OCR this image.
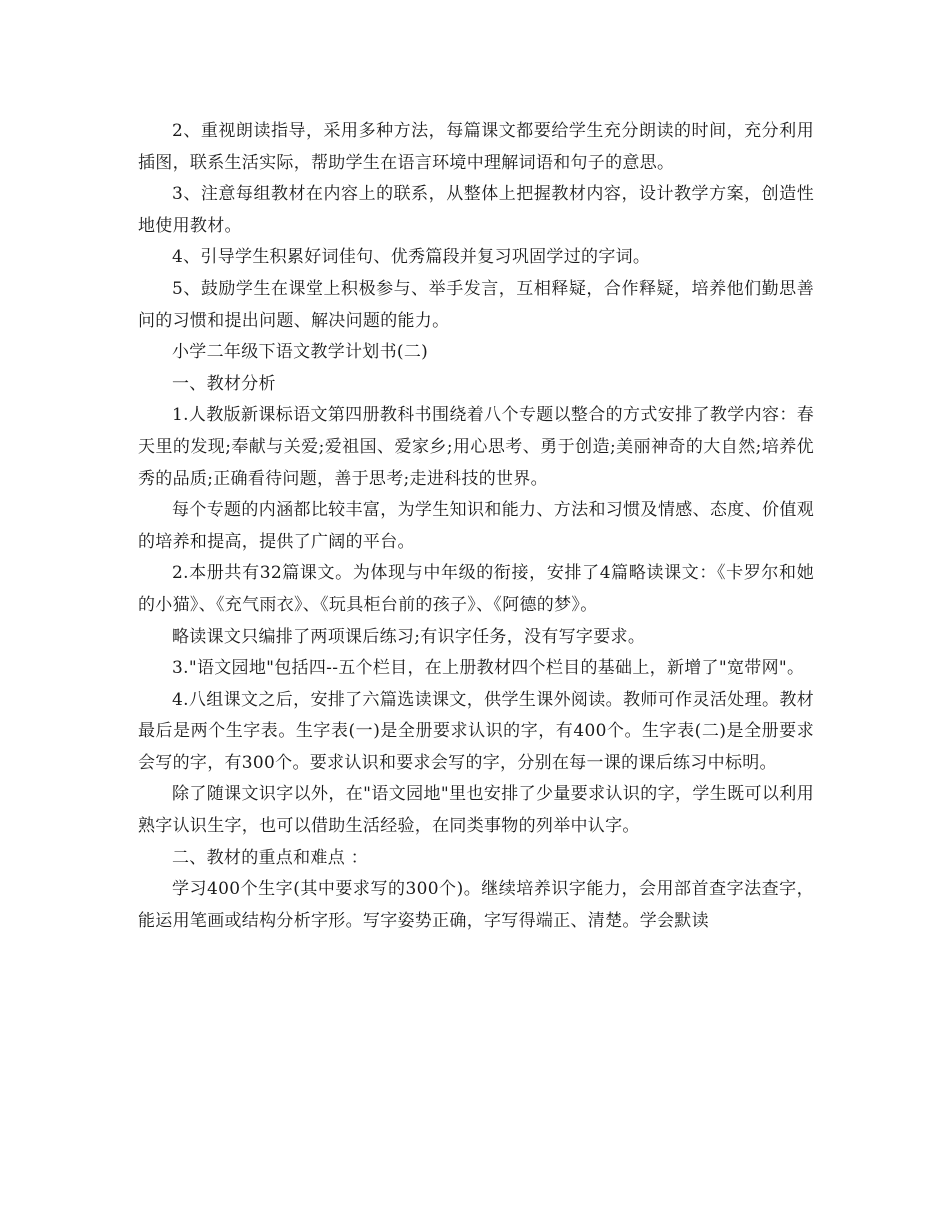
2、重视朗读指导，采用多种方法，每篇课文都要给学生充分朗读的时间，充分利用插图，联系生活实际，帮助学生在语言环境中理解词语和句子的意思。

3、注意每组教材在内容上的联系，从整体上把握教材内容，设计教学方案，创造性地使用教材。

4、引导学生积累好词佳句、优秀篇段并复习巩固学过的字词。

5、鼓励学生在课堂上积极参与、举手发言，互相释疑，合作释疑，培养他们勤思善问的习惯和提出问题、解决问题的能力。

小学二年级下语文教学计划书(二)

一、教材分析

1.人教版新课标语文第四册教科书围绕着八个专题以整合的方式安排了教学内容：春天里的发现;奉献与关爱;爱祖国、爱家乡;用心思考、勇于创造;美丽神奇的大自然;培养优秀的品质;正确看待问题，善于思考;走进科技的世界。

每个专题的内涵都比较丰富，为学生知识和能力、方法和习惯及情感、态度、价值观的培养和提高，提供了广阔的平台。

2.本册共有32篇课文。为体现与中年级的衔接，安排了4篇略读课文：《卡罗尔和她的小猫》、《充气雨衣》、《玩具柜台前的孩子》、《阿德的梦》。

略读课文只编排了两项课后练习;有识字任务，没有写字要求。

3."语文园地"包括四--五个栏目，在上册教材四个栏目的基础上，新增了"宽带网"。

4.八组课文之后，安排了六篇选读课文，供学生课外阅读。教师可作灵活处理。教材最后是两个生字表。生字表(一)是全册要求认识的字，有400个。生字表(二)是全册要求会写的字，有300个。要求认识和要求会写的字，分别在每一课的课后练习中标明。

除了随课文识字以外，在"语文园地"里也安排了少量要求认识的字，学生既可以利用熟字认识生字，也可以借助生活经验，在同类事物的列举中认字。

二、教材的重点和难点 ：

学习400个生字(其中要求写的300个)。继续培养识字能力，会用部首查字法查字，能运用笔画或结构分析字形。写字姿势正确，字写得端正、清楚。学会默读
